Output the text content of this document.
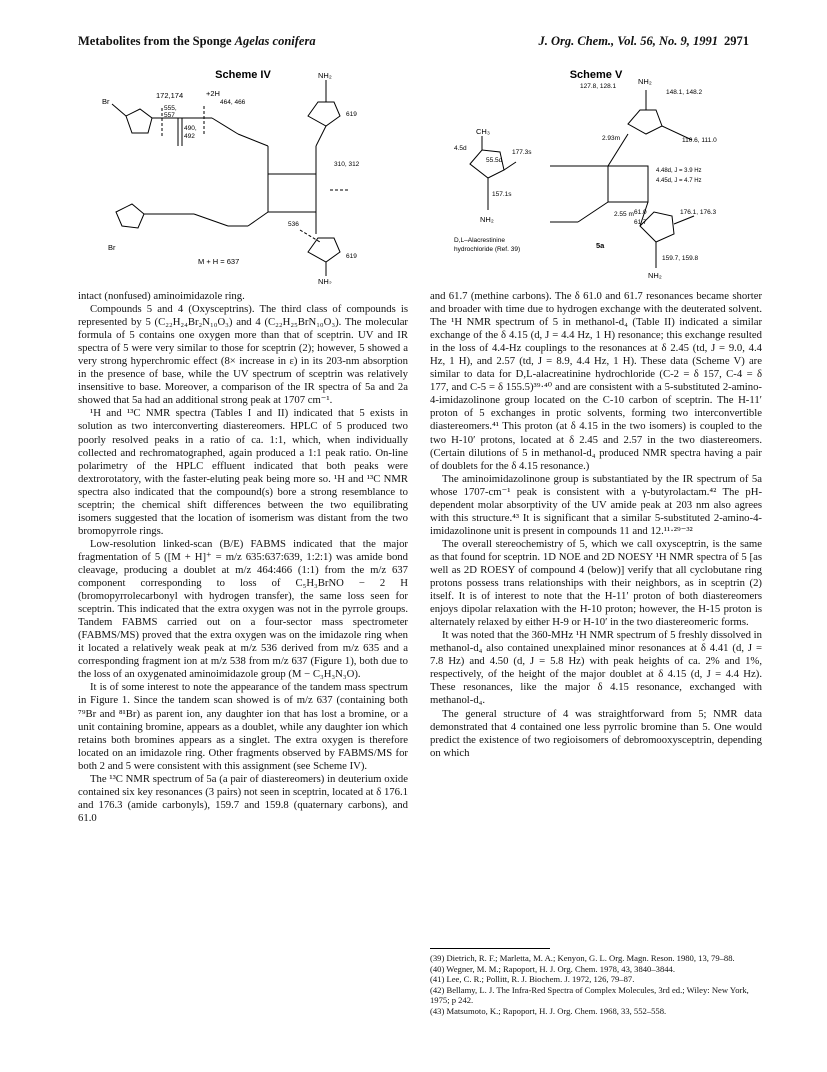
Metabolites from the Sponge Agelas conifera	J. Org. Chem., Vol. 56, No. 9, 1991 2971
Scheme IV
Br
172,174
555,
557
+2H
464, 466
490,
492
NH₂
619
310, 312
536
619
Br
M + H = 637
NH₂
Scheme V
127.8, 128.1
NH₂
148.1, 148.2
4.5d
CH₃
55.5d
177.3s
2.93m	110.6, 111.0
4.48d, J = 3.9 Hz
4.45d, J = 4.7 Hz
157.1s
NH₂
2.55 m 61.0
61.7
176.1, 176.3
D,L–Alacrestinine
hydrochloride (Ref. 39)	5a
159.7, 159.8
NH₂

intact (nonfused) aminoimidazole ring.

Compounds 5 and 4 (Oxysceptrins). The third class of compounds is represented by 5 (C₂₂H₂₄Br₂N₁₀O₃) and 4 (C₂₂H₂₅BrN₁₀O₃). The molecular formula of 5 contains one oxygen more than that of sceptrin. UV and IR spectra of 5 were very similar to those for sceptrin (2); however, 5 showed a very strong hyperchromic effect (8× increase in ε) in its 203-nm absorption in the presence of base, while the UV spectrum of sceptrin was relatively insensitive to base. Moreover, a comparison of the IR spectra of 5a and 2a showed that 5a had an additional strong peak at 1707 cm⁻¹.

¹H and ¹³C NMR spectra (Tables I and II) indicated that 5 exists in solution as two interconverting diastereomers. HPLC of 5 produced two poorly resolved peaks in a ratio of ca. 1:1, which, when individually collected and rechromatographed, again produced a 1:1 peak ratio. On-line polarimetry of the HPLC effluent indicated that both peaks were dextrorotatory, with the faster-eluting peak being more so. ¹H and ¹³C NMR spectra also indicated that the compound(s) bore a strong resemblance to sceptrin; the chemical shift differences between the two equilibrating isomers suggested that the location of isomerism was distant from the two bromopyrrole rings.

Low-resolution linked-scan (B/E) FABMS indicated that the major fragmentation of 5 ([M + H]⁺ = m/z 635:637:639, 1:2:1) was amide bond cleavage, producing a doublet at m/z 464:466 (1:1) from the m/z 637 component corresponding to loss of C₅H₃BrNO − 2 H (bromopyrrolecarbonyl with hydrogen transfer), the same loss seen for sceptrin. This indicated that the extra oxygen was not in the pyrrole groups. Tandem FABMS carried out on a four-sector mass spectrometer (FABMS/MS) proved that the extra oxygen was on the imidazole ring when it located a relatively weak peak at m/z 536 derived from m/z 635 and a corresponding fragment ion at m/z 538 from m/z 637 (Figure 1), both due to the loss of an oxygenated aminoimidazole group (M − C₃H₃N₃O).

It is of some interest to note the appearance of the tandem mass spectrum in Figure 1. Since the tandem scan showed is of m/z 637 (containing both ⁷⁹Br and ⁸¹Br) as parent ion, any daughter ion that has lost a bromine, or a unit containing bromine, appears as a doublet, while any daughter ion which retains both bromines appears as a singlet. The extra oxygen is therefore located on an imidazole ring. Other fragments observed by FABMS/MS for both 2 and 5 were consistent with this assignment (see Scheme IV).

The ¹³C NMR spectrum of 5a (a pair of diastereomers) in deuterium oxide contained six key resonances (3 pairs) not seen in sceptrin, located at δ 176.1 and 176.3 (amide carbonyls), 159.7 and 159.8 (quaternary carbons), and 61.0

and 61.7 (methine carbons). The δ 61.0 and 61.7 resonances became shorter and broader with time due to hydrogen exchange with the deuterated solvent. The ¹H NMR spectrum of 5 in methanol-d₄ (Table II) indicated a similar exchange of the δ 4.15 (d, J = 4.4 Hz, 1 H) resonance; this exchange resulted in the loss of 4.4-Hz couplings to the resonances at δ 2.45 (td, J = 9.0, 4.4 Hz, 1 H), and 2.57 (td, J = 8.9, 4.4 Hz, 1 H). These data (Scheme V) are similar to data for D,L-alacreatinine hydrochloride (C-2 = δ 157, C-4 = δ 177, and C-5 = δ 155.5)³⁹·⁴⁰ and are consistent with a 5-substituted 2-amino-4-imidazolinone group located on the C-10 carbon of sceptrin. The H-11′ proton of 5 exchanges in protic solvents, forming two interconvertible diastereomers.⁴¹ This proton (at δ 4.15 in the two isomers) is coupled to the two H-10′ protons, located at δ 2.45 and 2.57 in the two diastereomers. (Certain dilutions of 5 in methanol-d₄ produced NMR spectra having a pair of doublets for the δ 4.15 resonance.)

The aminoimidazolinone group is substantiated by the IR spectrum of 5a whose 1707-cm⁻¹ peak is consistent with a γ-butyrolactam.⁴² The pH-dependent molar absorptivity of the UV amide peak at 203 nm also agrees with this structure.⁴³ It is significant that a similar 5-substituted 2-amino-4-imidazolinone unit is present in compounds 11 and 12.¹¹·²⁹⁻³²

The overall stereochemistry of 5, which we call oxysceptrin, is the same as that found for sceptrin. 1D NOE and 2D NOESY ¹H NMR spectra of 5 [as well as 2D ROESY of compound 4 (below)] verify that all cyclobutane ring protons possess trans relationships with their neighbors, as in sceptrin (2) itself. It is of interest to note that the H-11′ proton of both diastereomers enjoys dipolar relaxation with the H-10 proton; however, the H-15 proton is alternately relaxed by either H-9 or H-10′ in the two diastereomeric forms.

It was noted that the 360-MHz ¹H NMR spectrum of 5 freshly dissolved in methanol-d₄ also contained unexplained minor resonances at δ 4.41 (d, J = 7.8 Hz) and 4.50 (d, J = 5.8 Hz) with peak heights of ca. 2% and 1%, respectively, of the height of the major doublet at δ 4.15 (d, J = 4.4 Hz). These resonances, like the major δ 4.15 resonance, exchanged with methanol-d₄.

The general structure of 4 was straightforward from 5; NMR data demonstrated that 4 contained one less pyrrolic bromine than 5. One would predict the existence of two regioisomers of debromooxysceptrin, depending on which

(39) Dietrich, R. F.; Marletta, M. A.; Kenyon, G. L. Org. Magn. Reson. 1980, 13, 79–88.
(40) Wegner, M. M.; Rapoport, H. J. Org. Chem. 1978, 43, 3840–3844.
(41) Lee, C. R.; Pollitt, R. J. Biochem. J. 1972, 126, 79–87.
(42) Bellamy, L. J. The Infra-Red Spectra of Complex Molecules, 3rd ed.; Wiley: New York, 1975; p 242.
(43) Matsumoto, K.; Rapoport, H. J. Org. Chem. 1968, 33, 552–558.
